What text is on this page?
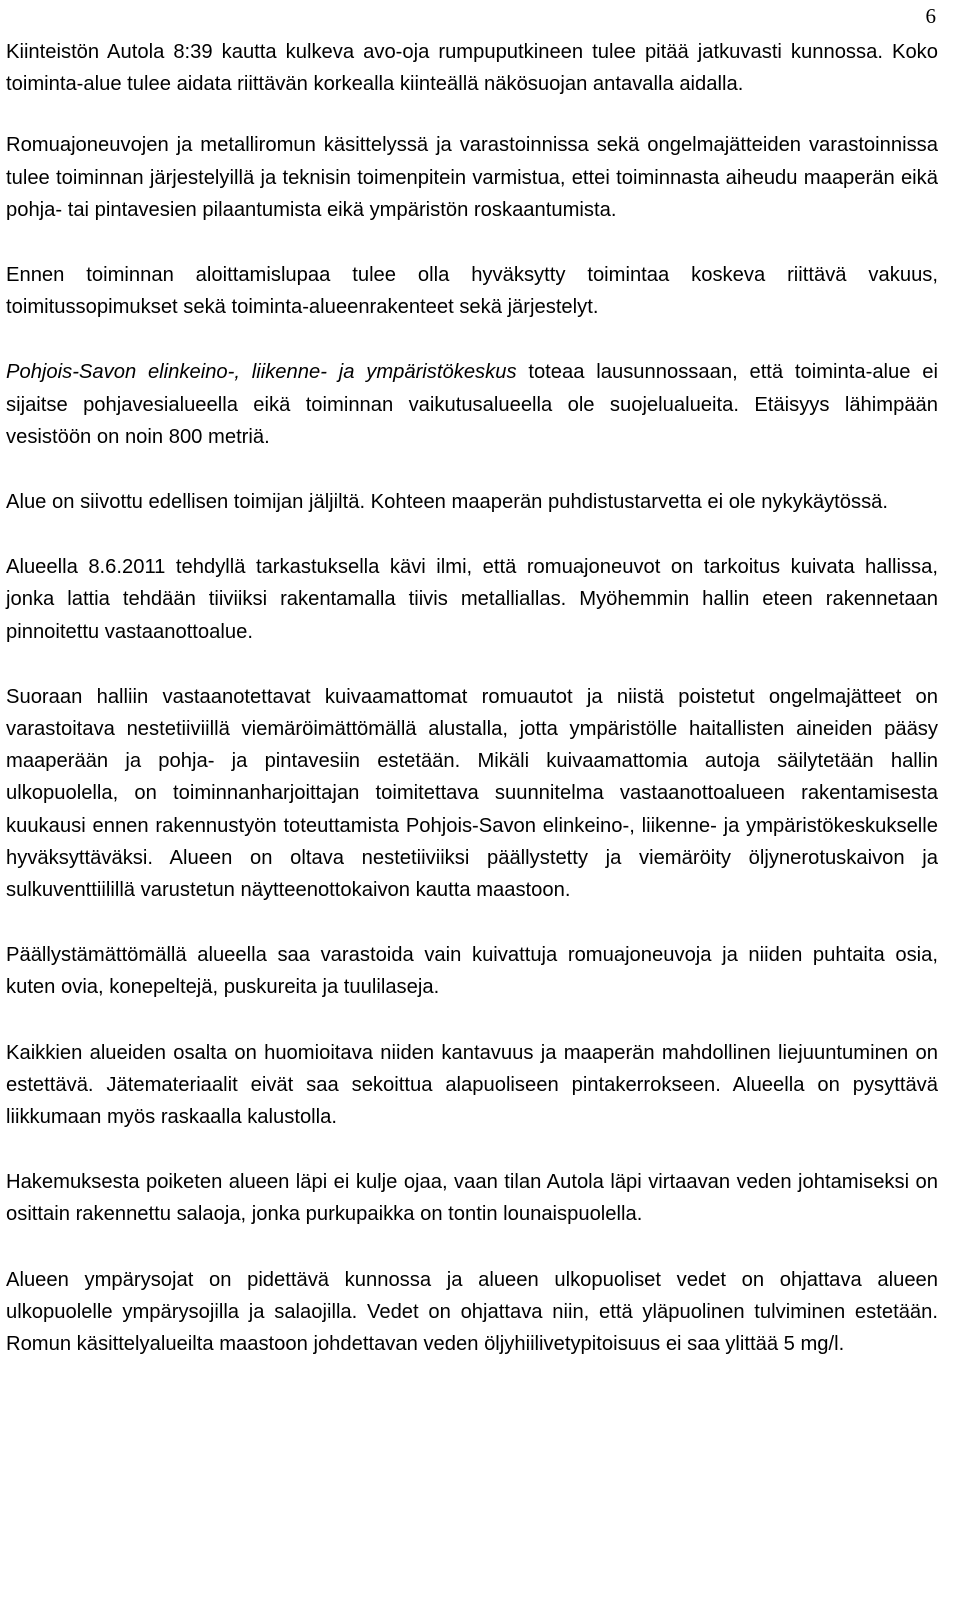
6

Kiinteistön Autola 8:39 kautta kulkeva avo-oja rumpuputkineen tulee pitää jatkuvasti kunnossa. Koko toiminta-alue tulee aidata riittävän korkealla kiinteällä näkösuojan antavalla aidalla.

Romuajoneuvojen ja metalliromun käsittelyssä ja varastoinnissa sekä ongelmajätteiden varastoinnissa tulee toiminnan järjestelyillä ja teknisin toimenpitein varmistua, ettei toiminnasta aiheudu maaperän eikä pohja- tai pintavesien pilaantumista eikä ympäristön roskaantumista.

Ennen toiminnan aloittamislupaa tulee olla hyväksytty toimintaa koskeva riittävä vakuus, toimitussopimukset sekä toiminta-alueenrakenteet sekä järjestelyt.

Pohjois-Savon elinkeino-, liikenne- ja ympäristökeskus toteaa lausunnossaan, että toiminta-alue ei sijaitse pohjavesialueella eikä toiminnan vaikutusalueella ole suojelualueita. Etäisyys lähimpään vesistöön on noin 800 metriä.

Alue on siivottu edellisen toimijan jäljiltä. Kohteen maaperän puhdistustarvetta ei ole nykykäytössä.

Alueella 8.6.2011 tehdyllä tarkastuksella kävi ilmi, että romuajoneuvot on tarkoitus kuivata hallissa, jonka lattia tehdään tiiviiksi rakentamalla tiivis metalliallas. Myöhemmin hallin eteen rakennetaan pinnoitettu vastaanottoalue.

Suoraan halliin vastaanotettavat kuivaamattomat romuautot ja niistä poistetut ongelmajätteet on varastoitava nestetiiviillä viemäröimättömällä alustalla, jotta ympäristölle haitallisten aineiden pääsy maaperään ja pohja- ja pintavesiin estetään. Mikäli kuivaamattomia autoja säilytetään hallin ulkopuolella, on toiminnanharjoittajan toimitettava suunnitelma vastaanottoalueen rakentamisesta kuukausi ennen rakennustyön toteuttamista Pohjois-Savon elinkeino-, liikenne- ja ympäristökeskukselle hyväksyttäväksi. Alueen on oltava nestetiiviiksi päällystetty ja viemäröity öljynerotuskaivon ja sulkuventtiilillä varustetun näytteenottokaivon kautta maastoon.

Päällystämättömällä alueella saa varastoida vain kuivattuja romuajoneuvoja ja niiden puhtaita osia, kuten ovia, konepeltejä, puskureita ja tuulilaseja.

Kaikkien alueiden osalta on huomioitava niiden kantavuus ja maaperän mahdollinen liejuuntuminen on estettävä. Jätemateriaalit eivät saa sekoittua alapuoliseen pintakerrokseen. Alueella on pysyttävä liikkumaan myös raskaalla kalustolla.

Hakemuksesta poiketen alueen läpi ei kulje ojaa, vaan tilan Autola läpi virtaavan veden johtamiseksi on osittain rakennettu salaoja, jonka purkupaikka on tontin lounaispuolella.

Alueen ympärysojat on pidettävä kunnossa ja alueen ulkopuoliset vedet on ohjattava alueen ulkopuolelle ympärysojilla ja salaojilla. Vedet on ohjattava niin, että yläpuolinen tulviminen estetään. Romun käsittelyalueilta maastoon johdettavan veden öljyhiilivetypitoisuus ei saa ylittää 5 mg/l.
